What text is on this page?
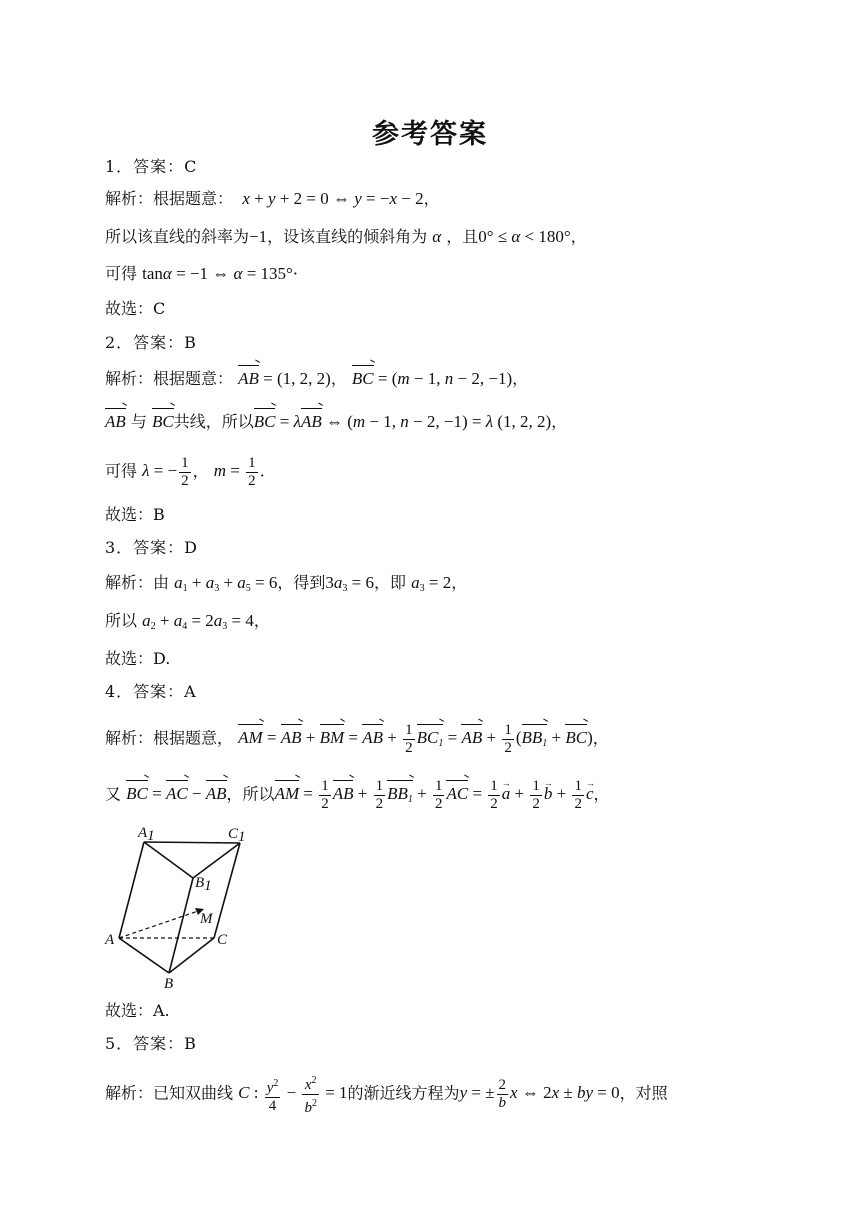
参考答案
1．答案：C
解析：根据题意： x + y + 2 = 0 ⇔ y = −x − 2，
所以该直线的斜率为−1，设该直线的倾斜角为 α ，且0° ≤ α < 180°，
可得 tanα = −1 ⇔ α = 135°·
故选：C
2．答案：B
解析：根据题意： AB = (1, 2, 2)， BC = (m − 1, n − 2, −1)，
AB 与 BC共线，所以BC = λAB ⇔ (m − 1, n − 2, −1) = λ (1, 2, 2)，
可得 λ = − $\frac{1}{2}$ ， $m = \frac{1}{2}$ .
故选：B
3．答案：D
解析：由 $a_1 + a_3 + a_5 = 6$，得到$3a_3 = 6$，即 $a_3 = 2$，
所以 $a_2 + a_4 = 2a_3 = 4$，
故选：D.
4．答案：A
解析：根据题意， AM = AB + BM = AB + $\frac{1}{2} BC_1$ = AB + $\frac{1}{2} (BB_1 + BC)$，
又 BC = AC − AB，所以AM = $\frac{1}{2}$ AB + $\frac{1}{2} BB_1 + \frac{1}{2}$ AC = $\frac{1}{2}$ a → + $\frac{1}{2}$ b → + $\frac{1}{2}$ c →，
A1	C1
B1
M
A	C
B
故选：A.
5．答案：B
解析：已知双曲线 C : $\frac{y^2}{4} - \frac{x^2}{b^2} = 1$的渐近线方程为y = ± $\frac{2}{b}$ x ⇔ 2x ± by = 0，对照
